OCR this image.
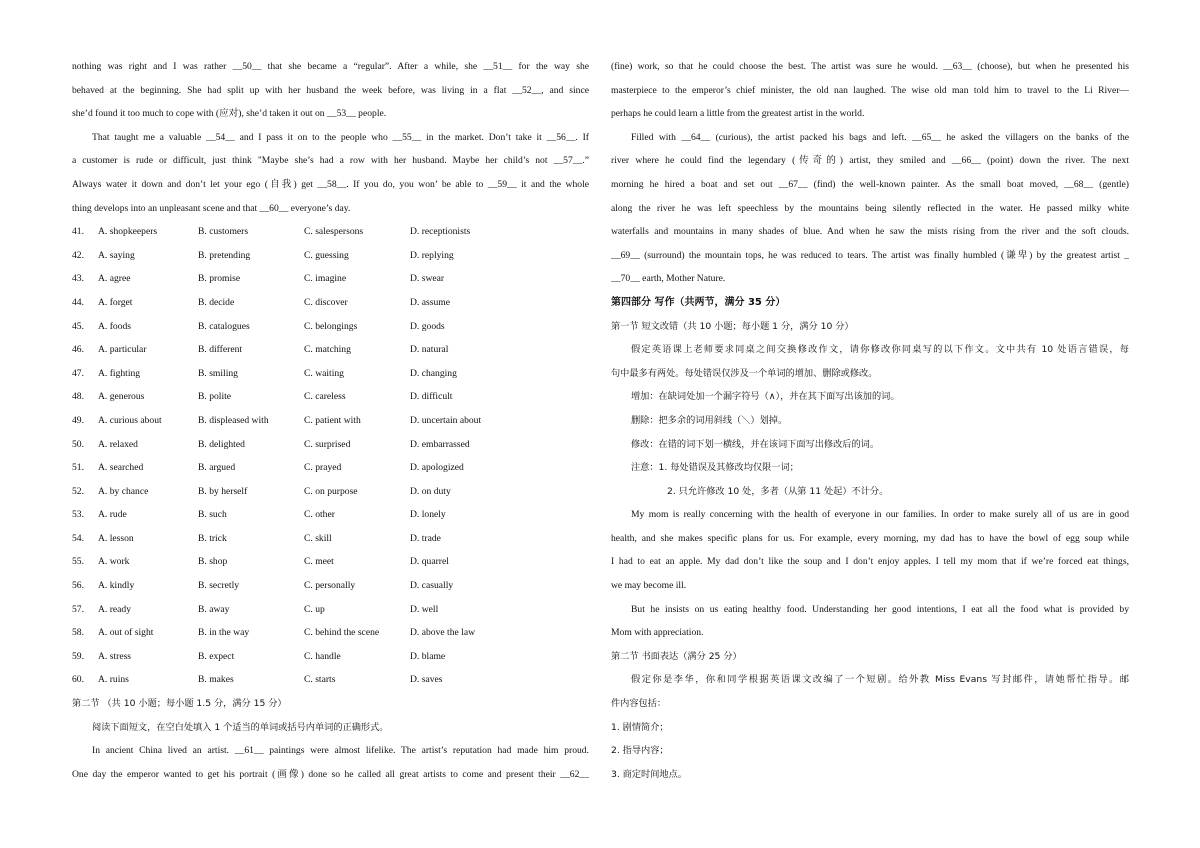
nothing was right and I was rather __50__ that she became a “regular”. After a while, she __51__ for the way she
behaved at the beginning. She had split up with her husband the week before, was living in a flat __52__, and since
she’d found it too much to cope with (应对), she’d taken it out on __53__ people.
That taught me a valuable __54__ and I pass it on to the people who __55__ in the market. Don’t take it __56__. If
a customer is rude or difficult, just think "Maybe she’s had a row with her husband. Maybe her child’s not __57__.”
Always water it down and don’t let your ego (自我) get __58__. If you do, you won’ be able to __59__ it and the whole
thing develops into an unpleasant scene and that __60__ everyone’s day.
41.	A. shopkeepers	B. customers	C. salespersons	D. receptionists
42.	A. saying	B. pretending	C. guessing	D. replying
43.	A. agree	B. promise	C. imagine	D. swear
44.	A. forget	B. decide	C. discover	D. assume
45.	A. foods	B. catalogues	C. belongings	D. goods
46.	A. particular	B. different	C. matching	D. natural
47.	A. fighting	B. smiling	C. waiting	D. changing
48.	A. generous	B. polite	C. careless	D. difficult
49.	A. curious about	B. displeased with	C. patient with	D. uncertain about
50.	A. relaxed	B. delighted	C. surprised	D. embarrassed
51.	A. searched	B. argued	C. prayed	D. apologized
52.	A. by chance	B. by herself	C. on purpose	D. on duty
53.	A. rude	B. such	C. other	D. lonely
54.	A. lesson	B. trick	C. skill	D. trade
55.	A. work	B. shop	C. meet	D. quarrel
56.	A. kindly	B. secretly	C. personally	D. casually
57.	A. ready	B. away	C. up	D. well
58.	A. out of sight	B. in the way	C. behind the scene	D. above the law
59.	A. stress	B. expect	C. handle	D. blame
60.	A. ruins	B. makes	C. starts	D. saves
第二节 （共 10 小题；每小题 1.5 分，满分 15 分）
阅读下面短文，在空白处填入 1 个适当的单词或括号内单词的正确形式。
In ancient China lived an artist. __61__ paintings were almost lifelike. The artist’s reputation had made him proud.
One day the emperor wanted to get his portrait (画像) done so he called all great artists to come and present their __62__
(fine) work, so that he could choose the best. The artist was sure he would. __63__ (choose), but when he presented his
masterpiece to the emperor’s chief minister, the old nan laughed. The wise old man told him to travel to the Li River—
perhaps he could learn a little from the greatest artist in the world.
Filled with __64__ (curious), the artist packed his bags and left. __65__ he asked the villagers on the banks of the
river where he could find the legendary (传奇的) artist, they smiled and __66__ (point) down the river. The next
morning he hired a boat and set out __67__ (find) the well-known painter. As the small boat moved, __68__ (gentle)
along the river he was left speechless by the mountains being silently reflected in the water. He passed milky white
waterfalls and mountains in many shades of blue. And when he saw the mists rising from the river and the soft clouds.
__69__ (surround) the mountain tops, he was reduced to tears. The artist was finally humbled (谦卑) by the greatest artist _
__70__ earth, Mother Nature.
第四部分 写作（共两节，满分 35 分）
第一节 短文改错（共 10 小题；每小题 1 分，满分 10 分）
假定英语课上老师要求同桌之间交换修改作文，请你修改你同桌写的以下作文。文中共有 10 处语言错误，每
句中最多有两处。每处错误仅涉及一个单词的增加、删除或修改。
增加：在缺词处加一个漏字符号（∧），并在其下面写出该加的词。
删除：把多余的词用斜线（＼）划掉。
修改：在错的词下划一横线，并在该词下面写出修改后的词。
注意：1. 每处错误及其修改均仅限一词；
2. 只允许修改 10 处，多者（从第 11 处起）不计分。
My mom is really concerning with the health of everyone in our families. In order to make surely all of us are in good
health, and she makes specific plans for us. For example, every morning, my dad has to have the bowl of egg soup while
I had to eat an apple. My dad don’t like the soup and I don’t enjoy apples. I tell my mom that if we’re forced eat things,
we may become ill.
But he insists on us eating healthy food. Understanding her good intentions, I eat all the food what is provided by
Mom with appreciation.
第二节 书面表达（满分 25 分）
假定你是李华，你和同学根据英语课文改编了一个短剧。给外教 Miss Evans 写封邮件，请她帮忙指导。邮
件内容包括：
1. 剧情简介；
2. 指导内容；
3. 商定时间地点。
